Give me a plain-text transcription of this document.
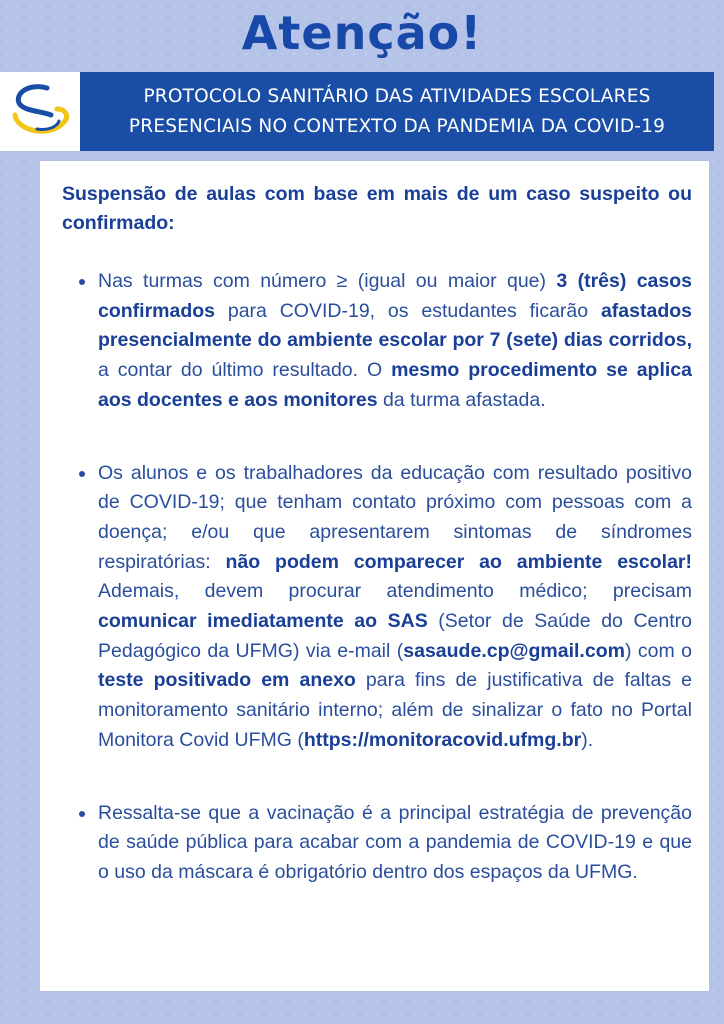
Atenção!
PROTOCOLO SANITÁRIO DAS ATIVIDADES ESCOLARES
PRESENCIAIS NO CONTEXTO DA PANDEMIA DA COVID-19
Suspensão de aulas com base em mais de um caso suspeito ou confirmado:
Nas turmas com número ≥ (igual ou maior que) 3 (três) casos confirmados para COVID-19, os estudantes ficarão afastados presencialmente do ambiente escolar por 7 (sete) dias corridos, a contar do último resultado. O mesmo procedimento se aplica aos docentes e aos monitores da turma afastada.
Os alunos e os trabalhadores da educação com resultado positivo de COVID-19; que tenham contato próximo com pessoas com a doença; e/ou que apresentarem sintomas de síndromes respiratórias: não podem comparecer ao ambiente escolar! Ademais, devem procurar atendimento médico; precisam comunicar imediatamente ao SAS (Setor de Saúde do Centro Pedagógico da UFMG) via e-mail (sasaude.cp@gmail.com) com o teste positivado em anexo para fins de justificativa de faltas e monitoramento sanitário interno; além de sinalizar o fato no Portal Monitora Covid UFMG (https://monitoracovid.ufmg.br).
Ressalta-se que a vacinação é a principal estratégia de prevenção de saúde pública para acabar com a pandemia de COVID-19 e que o uso da máscara é obrigatório dentro dos espaços da UFMG.
